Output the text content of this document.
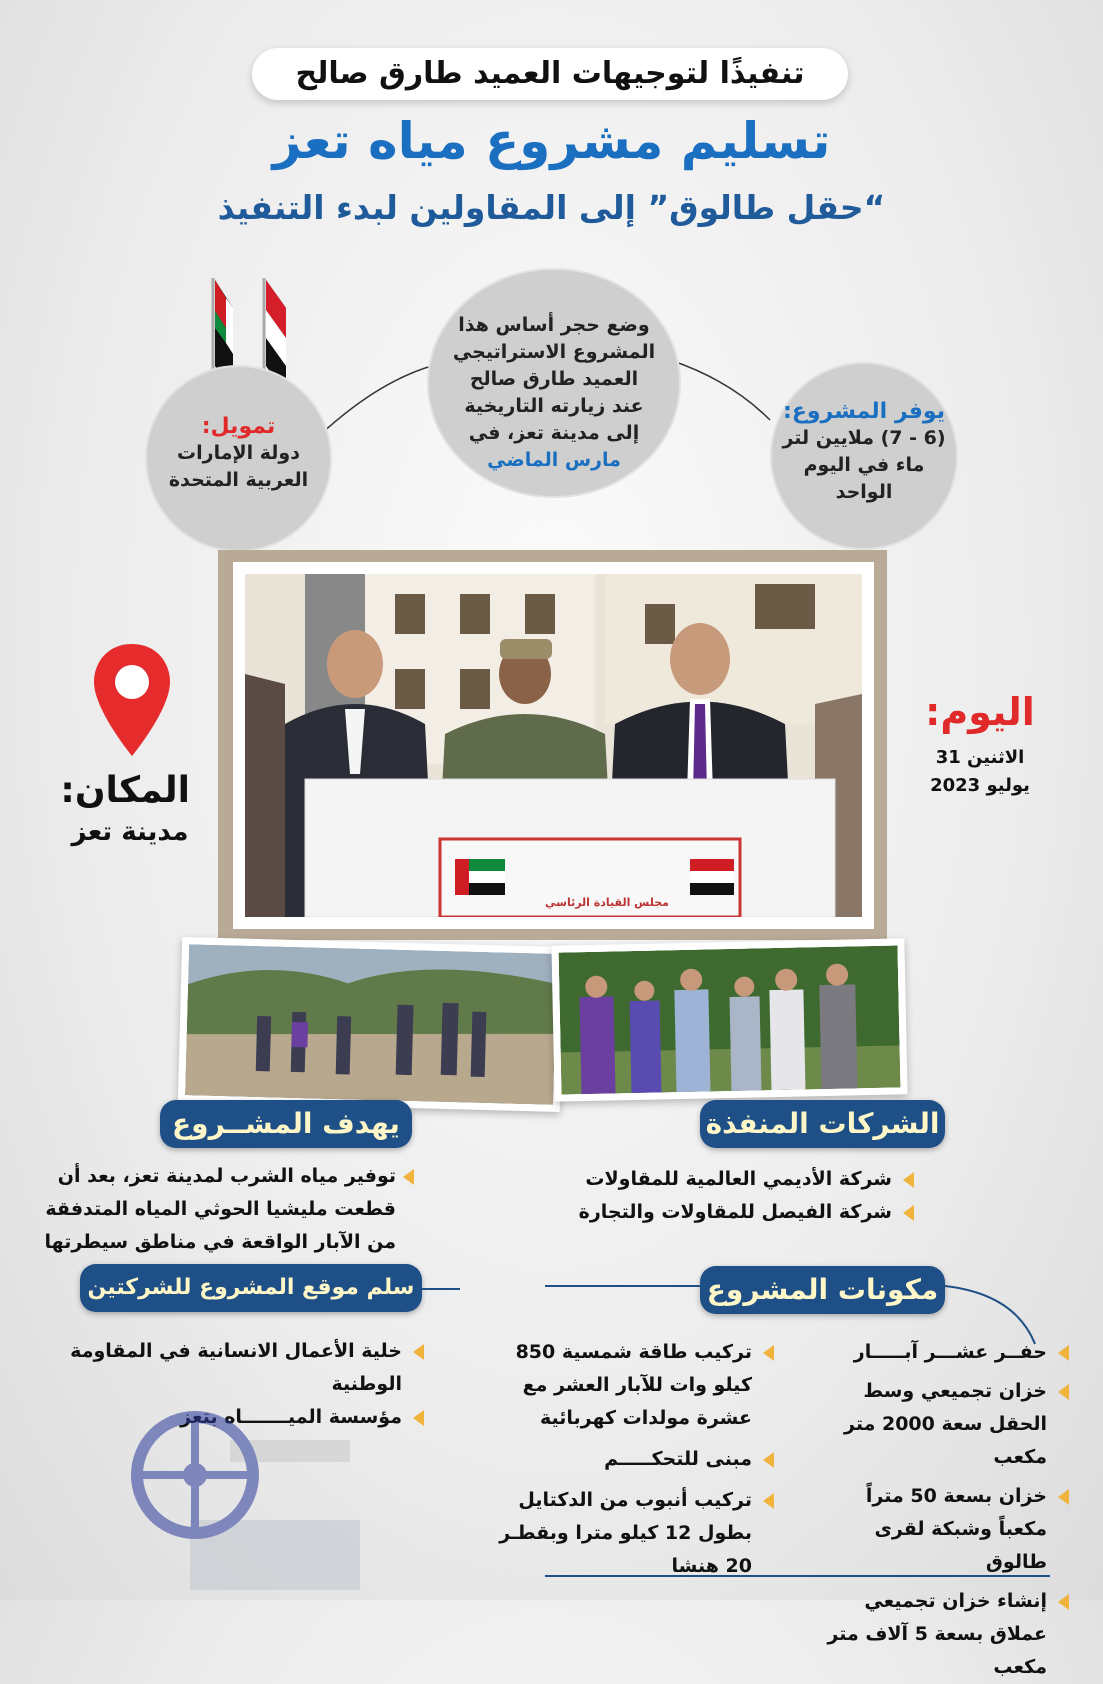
تنفيذًا لتوجيهات العميد طارق صالح
تسليم مشروع مياه تعز
“حقل طالوق” إلى المقاولين لبدء التنفيذ
وضع حجر أساس هذا
المشروع الاستراتيجي
العميد طارق صالح
عند زيارته التاريخية
إلى مدينة تعز، في
مارس الماضي
تمويل:
دولة الإمارات
العربية المتحدة
يوفر المشروع:
(6 - 7) ملايين لتر
ماء في اليوم
الواحد
مجلس القيادة الرئاسي
المكان:
مدينة تعز
اليوم:
الاثنين 31
يوليو 2023
يهدف المشــروع
توفير مياه الشرب لمدينة تعز، بعد أن
قطعت مليشيا الحوثي المياه المتدفقة
من الآبار الواقعة في مناطق سيطرتها
الشركات المنفذة
شركة الأديمي العالمية للمقاولات
شركة الفيصل للمقاولات والتجارة
سلم موقع المشروع للشركتين
خلية الأعمال الانسانية في المقاومة الوطنية
مؤسسة الميـــــــاه بتعز
مكونات المشروع
حفــر عشـــر آبـــــار
خزان تجميعي وسط الحقل سعة 2000 متر مكعب
خزان بسعة 50 متراً مكعباً وشبكة لقرى طالوق
إنشاء خزان تجميعي عملاق بسعة 5 آلاف متر مكعب
تركيب طاقة شمسية 850 كيلو وات للآبار العشر مع عشرة مولدات كهربائية
مبنى للتحكـــــم
تركيب أنبوب من الدكتايل بطول 12 كيلو مترا وبقطـر 20 هنشا
